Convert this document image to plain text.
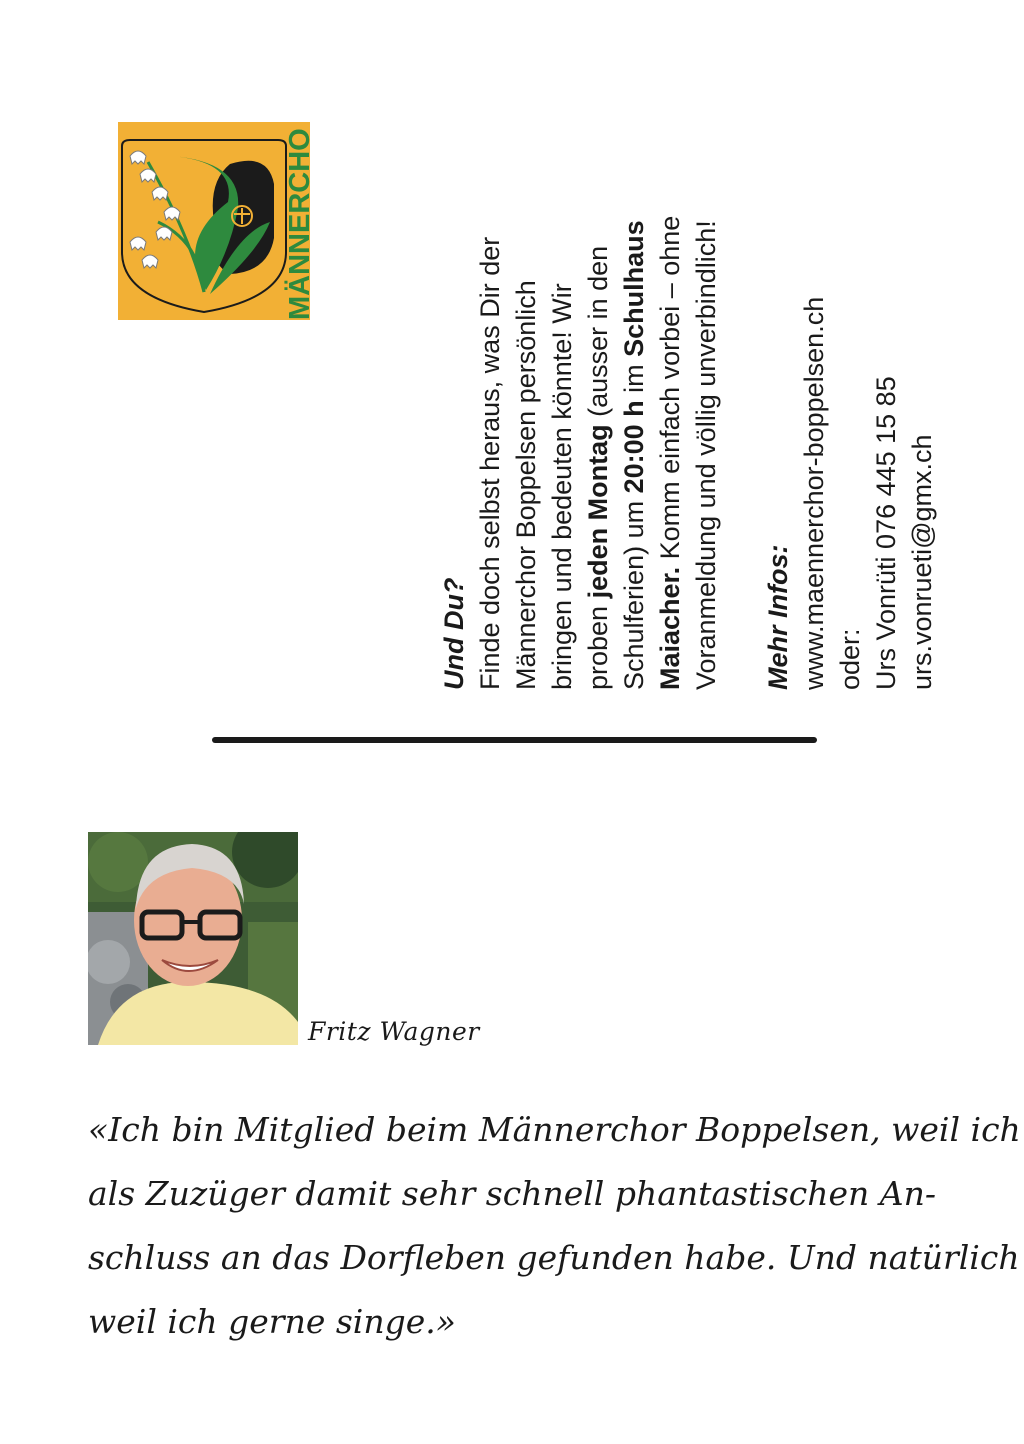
MÄNNERCHO

Und Du? Finde doch selbst heraus, was Dir der Männerchor Boppelsen persönlich bringen und bedeuten könnte! Wir proben jeden Montag (ausser in den

Schulferien) um 20:00 h im Schulhaus

Maiacher. Komm einfach vorbei – ohne Voranmeldung und völlig unverbindlich! Mehr Infos: www.maennerchor-boppelsen.ch oder: Urs Vonrüti 076 445 15 85 urs.vonrueti@gmx.ch

Fritz Wagner
«Ich bin Mitglied beim Männerchor Boppelsen, weil ich
als Zuzüger damit sehr schnell phantastischen An-
schluss an das Dorfleben gefunden habe. Und natürlich
weil ich gerne singe.»
